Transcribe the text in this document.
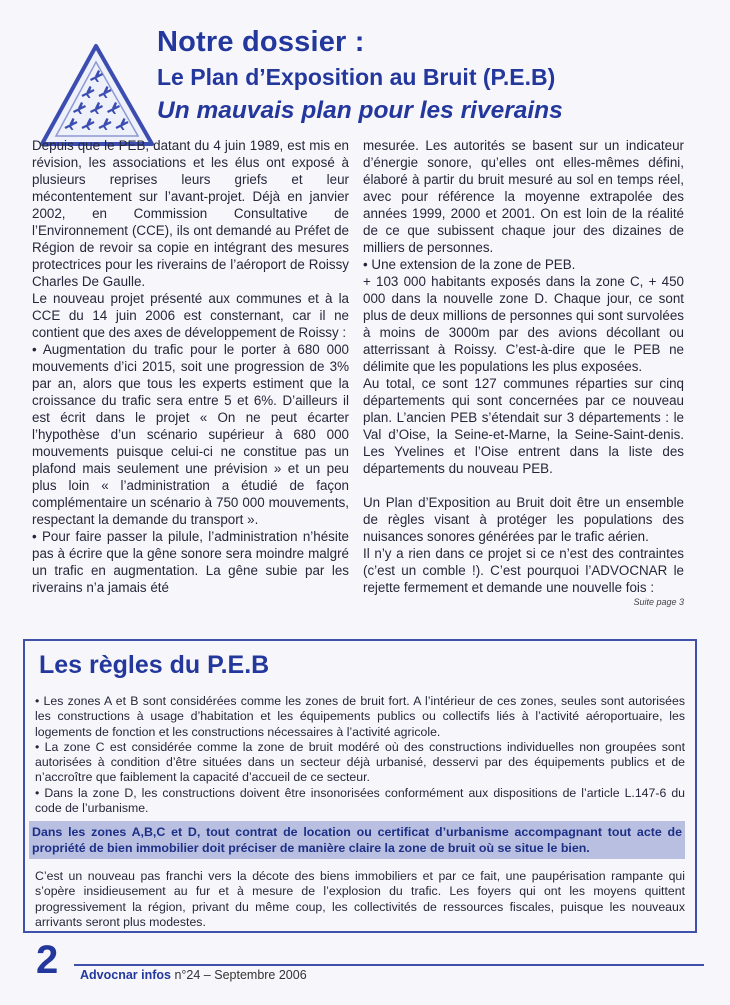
Notre dossier :
Le Plan d’Exposition au Bruit (P.E.B)
Un mauvais plan pour les riverains

Depuis que le PEB, datant du 4 juin 1989, est mis en révision, les associations et les élus ont exposé à plusieurs reprises leurs griefs et leur mécontentement sur l’avant-projet. Déjà en janvier 2002, en Commission Consultative de l’Environnement (CCE), ils ont demandé au Préfet de Région de revoir sa copie en intégrant des mesures protectrices pour les riverains de l’aéroport de Roissy Charles De Gaulle.

Le nouveau projet présenté aux communes et à la CCE du 14 juin 2006 est consternant, car il ne contient que des axes de développement de Roissy :

• Augmentation du trafic pour le porter à 680 000 mouvements d’ici 2015, soit une progression de 3% par an, alors que tous les experts estiment que la croissance du trafic sera entre 5 et 6%. D’ailleurs il est écrit dans le projet « On ne peut écarter l’hypothèse d’un scénario supérieur à 680 000 mouvements puisque celui-ci ne constitue pas un plafond mais seulement une prévision » et un peu plus loin « l’administration a étudié de façon complémentaire un scénario à 750 000 mouvements, respectant la demande du transport ».

• Pour faire passer la pilule, l’administration n’hésite pas à écrire que la gêne sonore sera moindre malgré un trafic en augmentation. La gêne subie par les riverains n’a jamais été

mesurée. Les autorités se basent sur un indicateur d’énergie sonore, qu’elles ont elles-mêmes défini, élaboré à partir du bruit mesuré au sol en temps réel, avec pour référence la moyenne extrapolée des années 1999, 2000 et 2001. On est loin de la réalité de ce que subissent chaque jour des dizaines de milliers de personnes.

• Une extension de la zone de PEB.

+ 103 000 habitants exposés dans la zone C, + 450 000 dans la nouvelle zone D. Chaque jour, ce sont plus de deux millions de personnes qui sont survolées à moins de 3000m par des avions décollant ou atterrissant à Roissy. C’est-à-dire que le PEB ne délimite que les populations les plus exposées.

Au total, ce sont 127 communes réparties sur cinq départements qui sont concernées par ce nouveau plan. L’ancien PEB s’étendait sur 3 départements : le Val d’Oise, la Seine-et-Marne, la Seine-Saint-denis. Les Yvelines et l’Oise entrent dans la liste des départements du nouveau PEB.

Un Plan d’Exposition au Bruit doit être un ensemble de règles visant à protéger les populations des nuisances sonores générées par le trafic aérien.

Il n’y a rien dans ce projet si ce n’est des contraintes (c’est un comble !). C’est pourquoi l’ADVOCNAR le rejette fermement et demande une nouvelle fois :

Suite page 3
Les règles du P.E.B

• Les zones A et B sont considérées comme les zones de bruit fort. A l’intérieur de ces zones, seules sont autorisées les constructions à usage d’habitation et les équipements publics ou collectifs liés à l’activité aéroportuaire, les logements de fonction et les constructions nécessaires à l’activité agricole.

• La zone C est considérée comme la zone de bruit modéré où des constructions individuelles non groupées sont autorisées à condition d’être situées dans un secteur déjà urbanisé, desservi par des équipements publics et de n’accroître que faiblement la capacité d’accueil de ce secteur.

• Dans la zone D, les constructions doivent être insonorisées conformément aux dispositions de l’article L.147-6 du code de l’urbanisme.

Dans les zones A,B,C et D, tout contrat de location ou certificat d’urbanisme accompagnant tout acte de propriété de bien immobilier doit préciser de manière claire la zone de bruit où se situe le bien.
C’est un nouveau pas franchi vers la décote des biens immobiliers et par ce fait, une paupérisation rampante qui s’opère insidieusement au fur et à mesure de l’explosion du trafic. Les foyers qui ont les moyens quittent progressivement la région, privant du même coup, les collectivités de ressources fiscales, puisque les nouveaux arrivants seront plus modestes.
2 Advocnar infos n°24 – Septembre 2006
